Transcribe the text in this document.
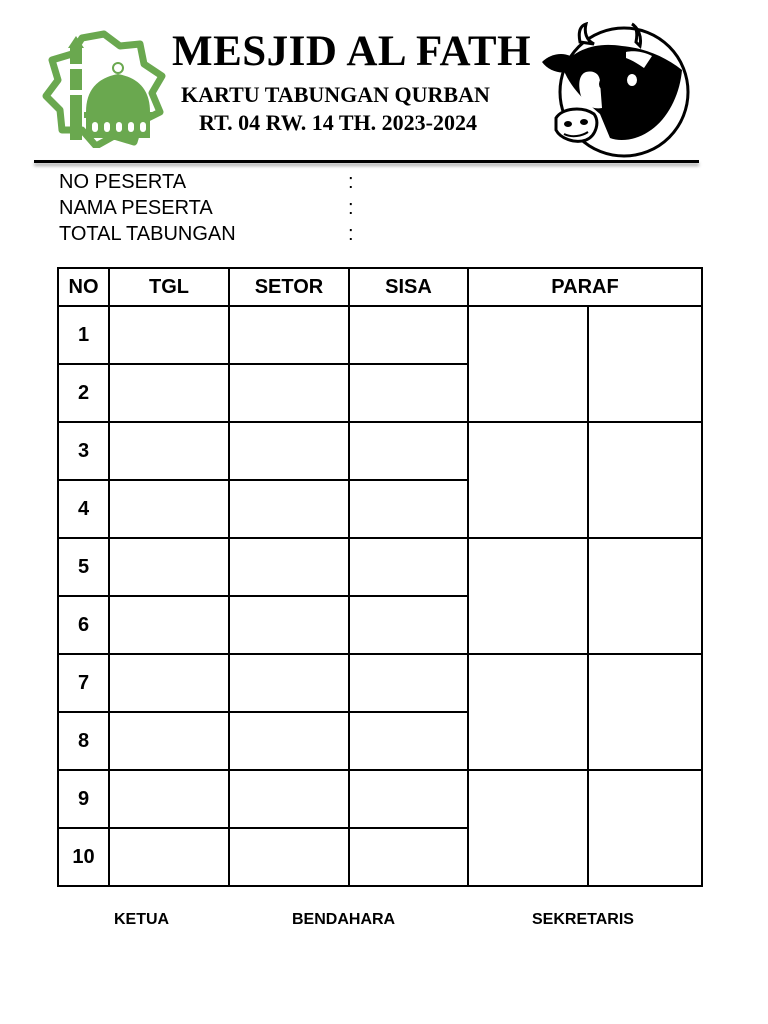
MESJID AL FATH
KARTU TABUNGAN QURBAN
RT. 04 RW. 14 TH. 2023-2024
NO PESERTA	:
NAMA PESERTA	:
TOTAL TABUNGAN	:
NO	TGL	SETOR	SISA	PARAF	
1					
2					
3					
4					
5					
6					
7					
8					
9					
10					
KETUA	BENDAHARA	SEKRETARIS
